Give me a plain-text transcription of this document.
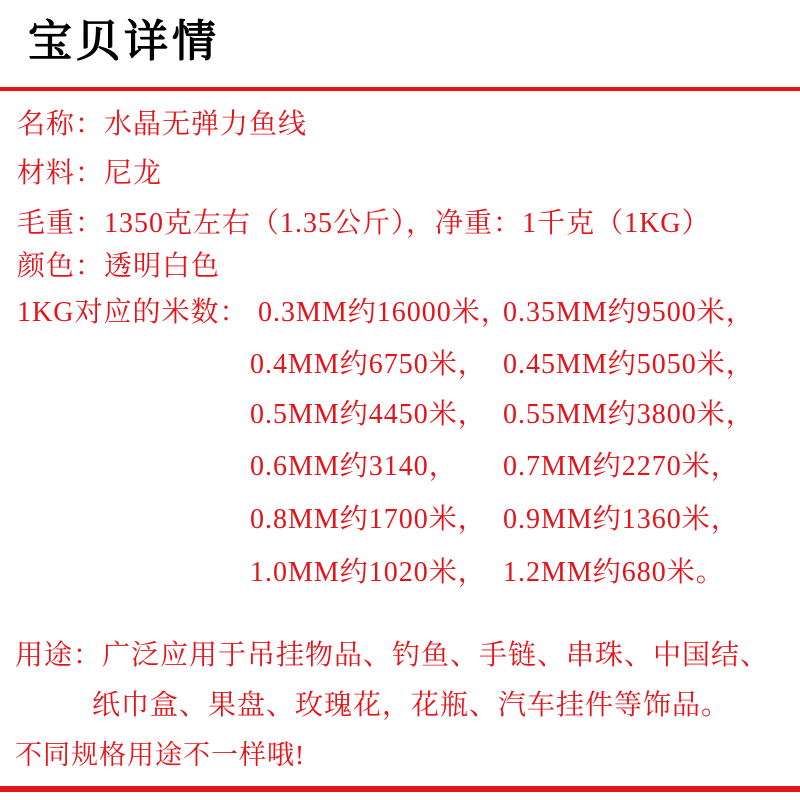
宝贝详情
名称：水晶无弹力鱼线
材料：尼龙
毛重：1350克左右（1.35公斤），净重：1千克（1KG）
颜色：透明白色
1KG对应的米数： 0.3MM约16000米，
0.35MM约9500米，
0.4MM约6750米， 0.45MM约5050米，
0.5MM约4450米， 0.55MM约3800米，
0.6MM约3140， 0.7MM约2270米，
0.8MM约1700米， 0.9MM约1360米，
1.0MM约1020米， 1.2MM约680米。
用途：广泛应用于吊挂物品、钓鱼、手链、串珠、中国结、
纸巾盒、果盘、玫瑰花，花瓶、汽车挂件等饰品。
不同规格用途不一样哦!
